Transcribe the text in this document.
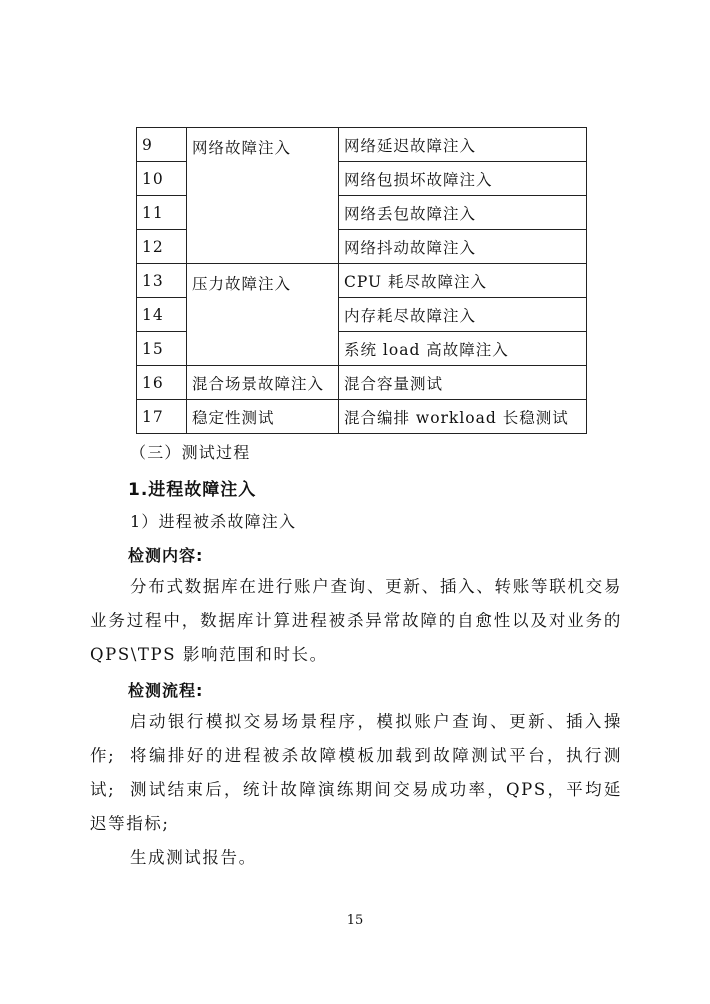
9	网络故障注入	网络延迟故障注入
10		网络包损坏故障注入
11		网络丢包故障注入
12		网络抖动故障注入
13	压力故障注入	CPU 耗尽故障注入
14		内存耗尽故障注入
15		系统 load 高故障注入
16	混合场景故障注入	混合容量测试
17	稳定性测试	混合编排 workload 长稳测试
（三）测试过程
1.进程故障注入
1）进程被杀故障注入
检测内容:
分布式数据库在进行账户查询、更新、插入、转账等联机交易业务过程中，数据库计算进程被杀异常故障的自愈性以及对业务的QPS\TPS 影响范围和时长。
检测流程:
启动银行模拟交易场景程序，模拟账户查询、更新、插入操作; 将编排好的进程被杀故障模板加载到故障测试平台，执行测试; 测试结束后，统计故障演练期间交易成功率，QPS，平均延迟等指标;
生成测试报告。
15
